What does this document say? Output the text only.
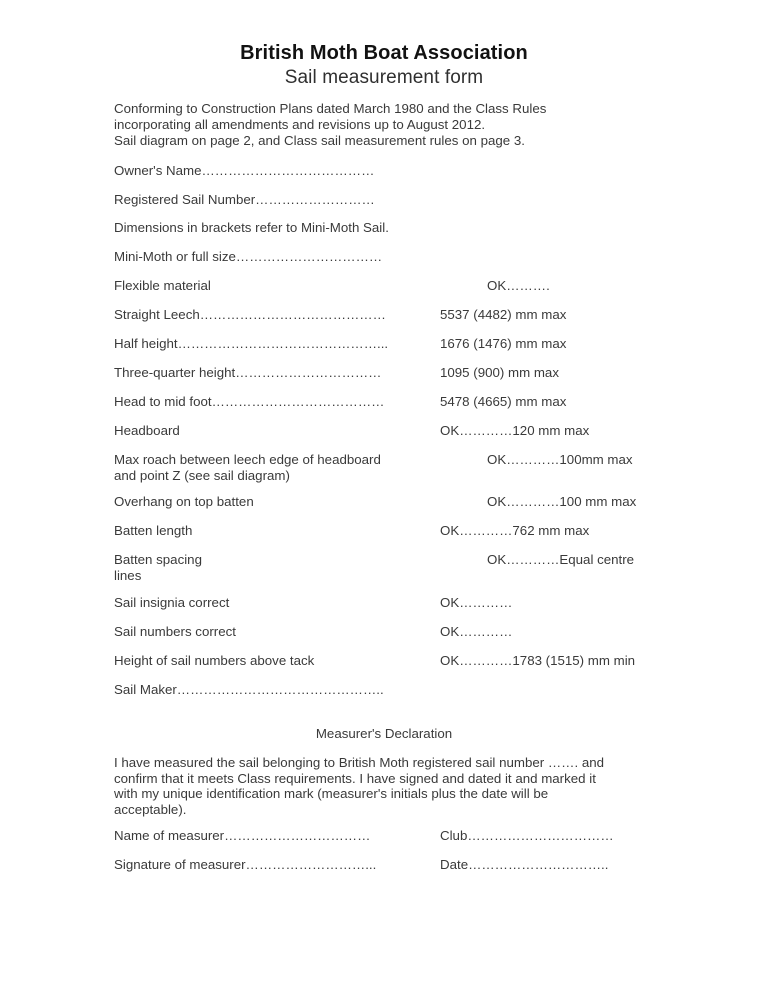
British Moth Boat Association
Sail measurement form
Conforming to Construction Plans dated March 1980 and the Class Rules
incorporating all amendments and revisions up to August 2012.
Sail diagram on page 2, and Class sail measurement rules on page 3.
Owner's Name…………………………………
Registered Sail Number………………………
Dimensions in brackets refer to Mini-Moth Sail.
Mini-Moth or full size……………………………
Flexible material
Straight Leech……………………………………
Half height………………………………………...
Three-quarter height……………………………
Head to mid foot…………………………………
Headboard
Max roach between leech edge of headboard
and point Z (see sail diagram)
Overhang on top batten
Batten length
Batten spacing
lines
Sail insignia correct
Sail numbers correct
Height of sail numbers above tack
OK……….
5537 (4482) mm max
1676 (1476) mm max
1095 (900) mm max
5478 (4665) mm max
OK…………120 mm max
OK…………100mm max
OK…………100 mm max
OK…………762 mm max
OK…………Equal centre
OK…………
OK…………
OK…………1783 (1515) mm min
Sail Maker………………………………………..
Measurer's Declaration
I have measured the sail belonging to British Moth registered sail number ……. and
confirm that it meets Class requirements. I have signed and dated it and marked it
with my unique identification mark (measurer's initials plus the date will be
acceptable).
Name of measurer……………………………	Club……………………………
Signature of measurer………………………...	Date…………………………..
